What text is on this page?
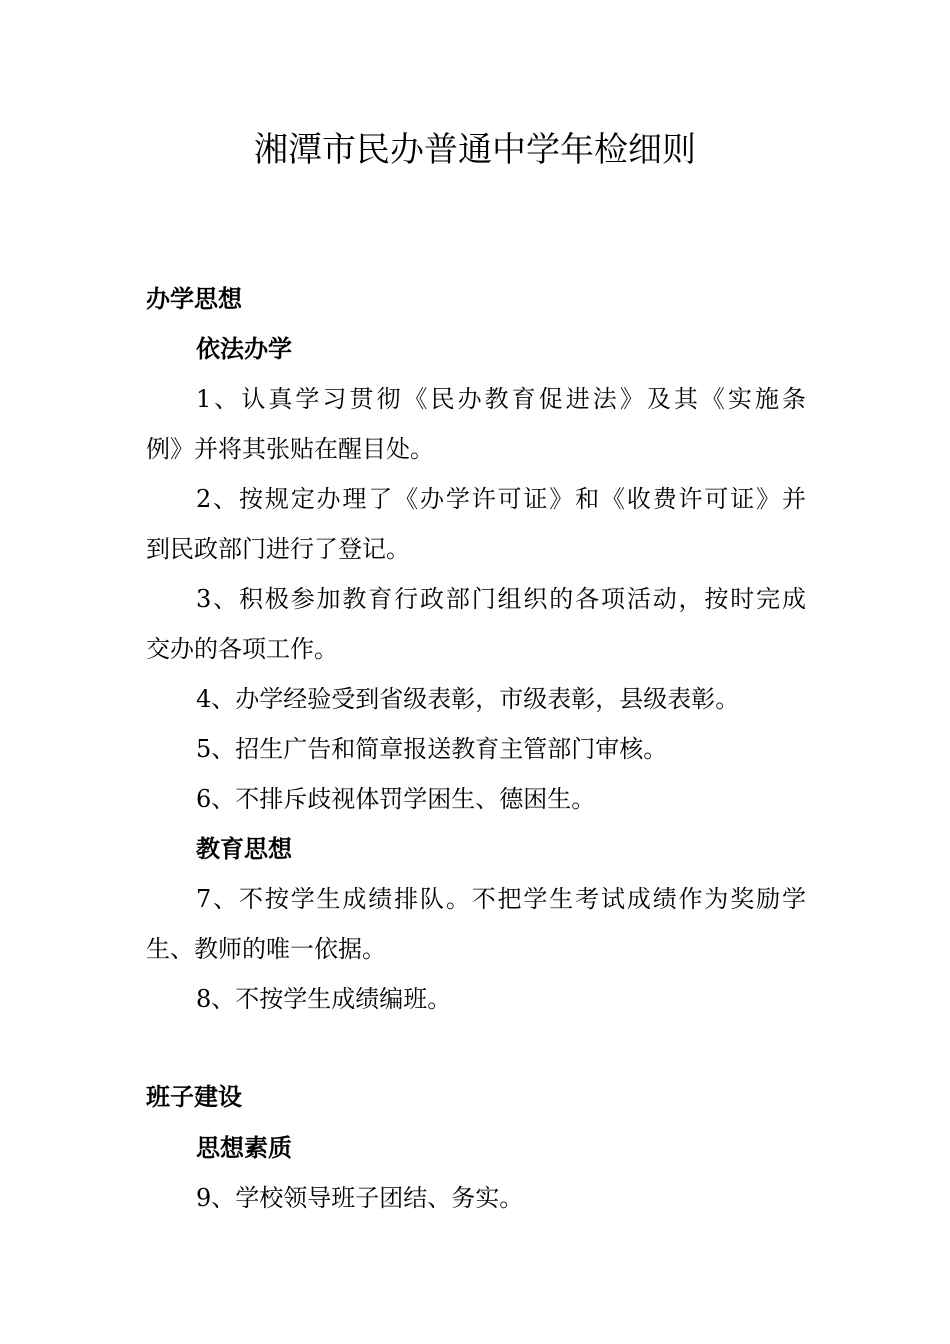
湘潭市民办普通中学年检细则
办学思想
依法办学
1、认真学习贯彻《民办教育促进法》及其《实施条
例》并将其张贴在醒目处。
2、按规定办理了《办学许可证》和《收费许可证》并
到民政部门进行了登记。
3、积极参加教育行政部门组织的各项活动，按时完成
交办的各项工作。
4、办学经验受到省级表彰，市级表彰，县级表彰。
5、招生广告和简章报送教育主管部门审核。
6、不排斥歧视体罚学困生、德困生。
教育思想
7、不按学生成绩排队。不把学生考试成绩作为奖励学
生、教师的唯一依据。
8、不按学生成绩编班。
班子建设
思想素质
9、学校领导班子团结、务实。
